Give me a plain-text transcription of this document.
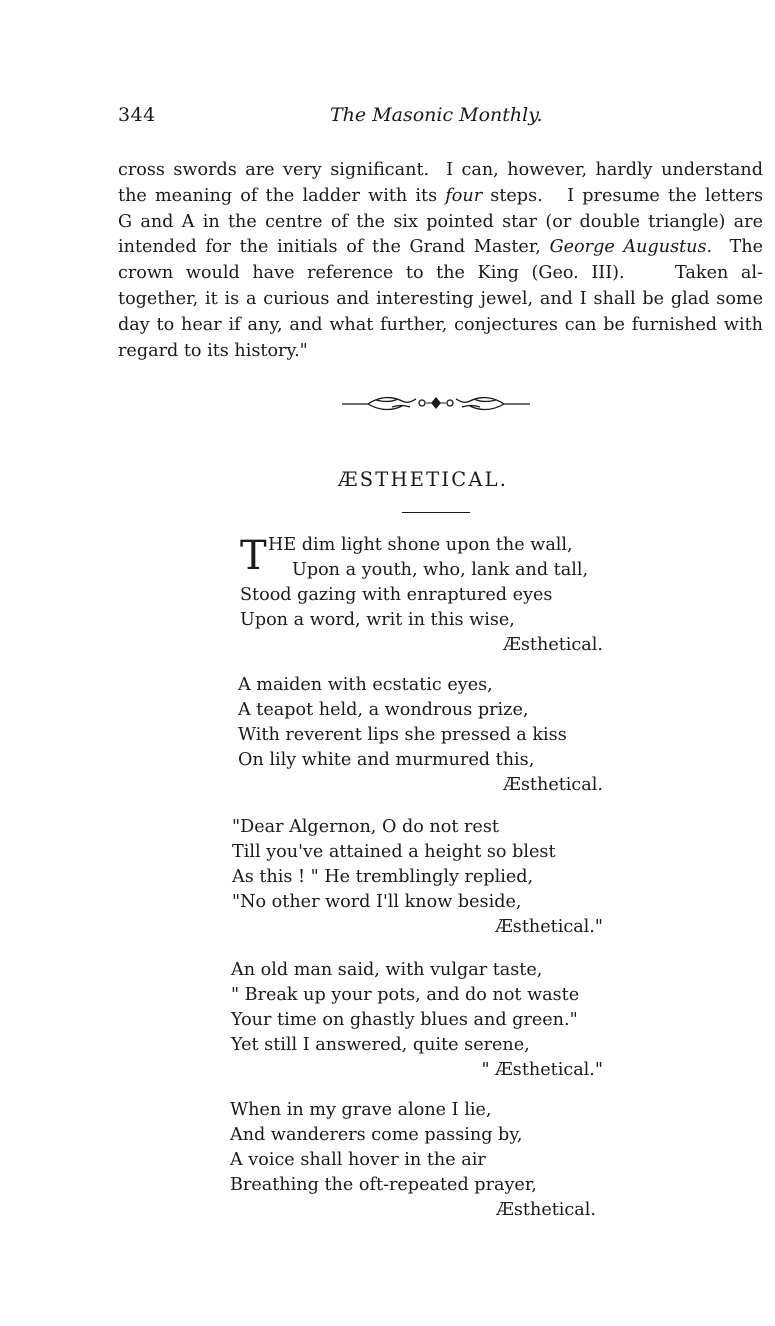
344	The Masonic Monthly.
cross swords are very significant.  I can, however, hardly understand
the meaning of the ladder with its four steps.   I presume the letters
G and A in the centre of the six pointed star (or double triangle) are
intended for the initials of the Grand Master, George Augustus.  The
crown would have reference to the King (Geo. III).    Taken al-
together, it is a curious and interesting jewel, and I shall be glad some
day to hear if any, and what further, conjectures can be furnished with
regard to its history."
ÆSTHETICAL.
T HE dim light shone upon the wall,
Upon a youth, who, lank and tall,
Stood gazing with enraptured eyes
Upon a word, writ in this wise,
Æsthetical.
A maiden with ecstatic eyes,
A teapot held, a wondrous prize,
With reverent lips she pressed a kiss
On lily white and murmured this,
Æsthetical.
"Dear Algernon, O do not rest
Till you've attained a height so blest
As this ! " He tremblingly replied,
"No other word I'll know beside,
Æsthetical."
An old man said, with vulgar taste,
" Break up your pots, and do not waste
Your time on ghastly blues and green."
Yet still I answered, quite serene,
" Æsthetical."
When in my grave alone I lie,
And wanderers come passing by,
A voice shall hover in the air
Breathing the oft-repeated prayer,
Æsthetical.
